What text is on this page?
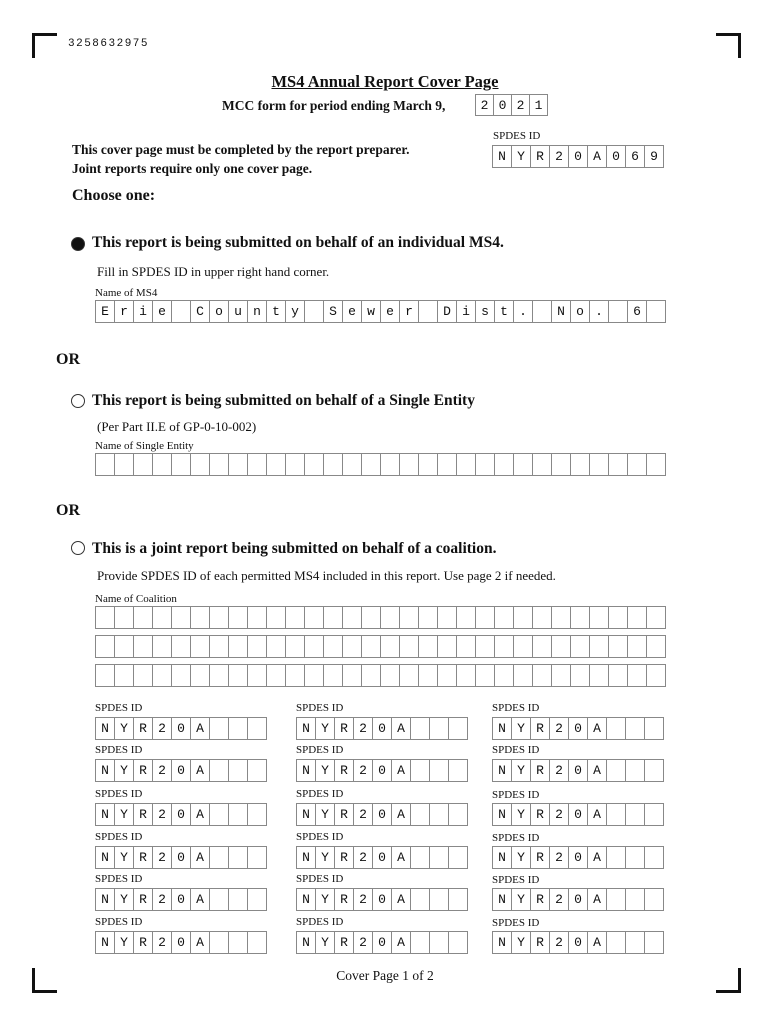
3258632975
MS4 Annual Report Cover Page
MCC form for period ending March 9,	2 0 2 1
SPDES ID
N Y R 2 0 A 0 6 9
This cover page must be completed by the report preparer.
Joint reports require only one cover page.
Choose one:
This report is being submitted on behalf of an individual MS4.
Fill in SPDES ID in upper right hand corner.
Name of MS4
E r i e	C o u n t y	S e w e r	D i s t .	N o .	6
OR
This report is being submitted on behalf of a Single Entity
(Per Part II.E of GP-0-10-002)
Name of Single Entity
OR
This is a joint report being submitted on behalf of a coalition.
Provide SPDES ID of each permitted MS4 included in this report. Use page 2 if needed.
Name of Coalition
SPDES ID
N Y R 2 0 A
SPDES ID
N Y R 2 0 A
SPDES ID
N Y R 2 0 A
SPDES ID
N Y R 2 0 A
SPDES ID
N Y R 2 0 A
SPDES ID
N Y R 2 0 A
SPDES ID
N Y R 2 0 A
SPDES ID
N Y R 2 0 A
SPDES ID
N Y R 2 0 A
SPDES ID
N Y R 2 0 A
SPDES ID
N Y R 2 0 A
SPDES ID
N Y R 2 0 A
SPDES ID
N Y R 2 0 A
SPDES ID
N Y R 2 0 A
SPDES ID
N Y R 2 0 A
SPDES ID
N Y R 2 0 A
SPDES ID
N Y R 2 0 A
SPDES ID
N Y R 2 0 A
Cover Page 1 of 2
